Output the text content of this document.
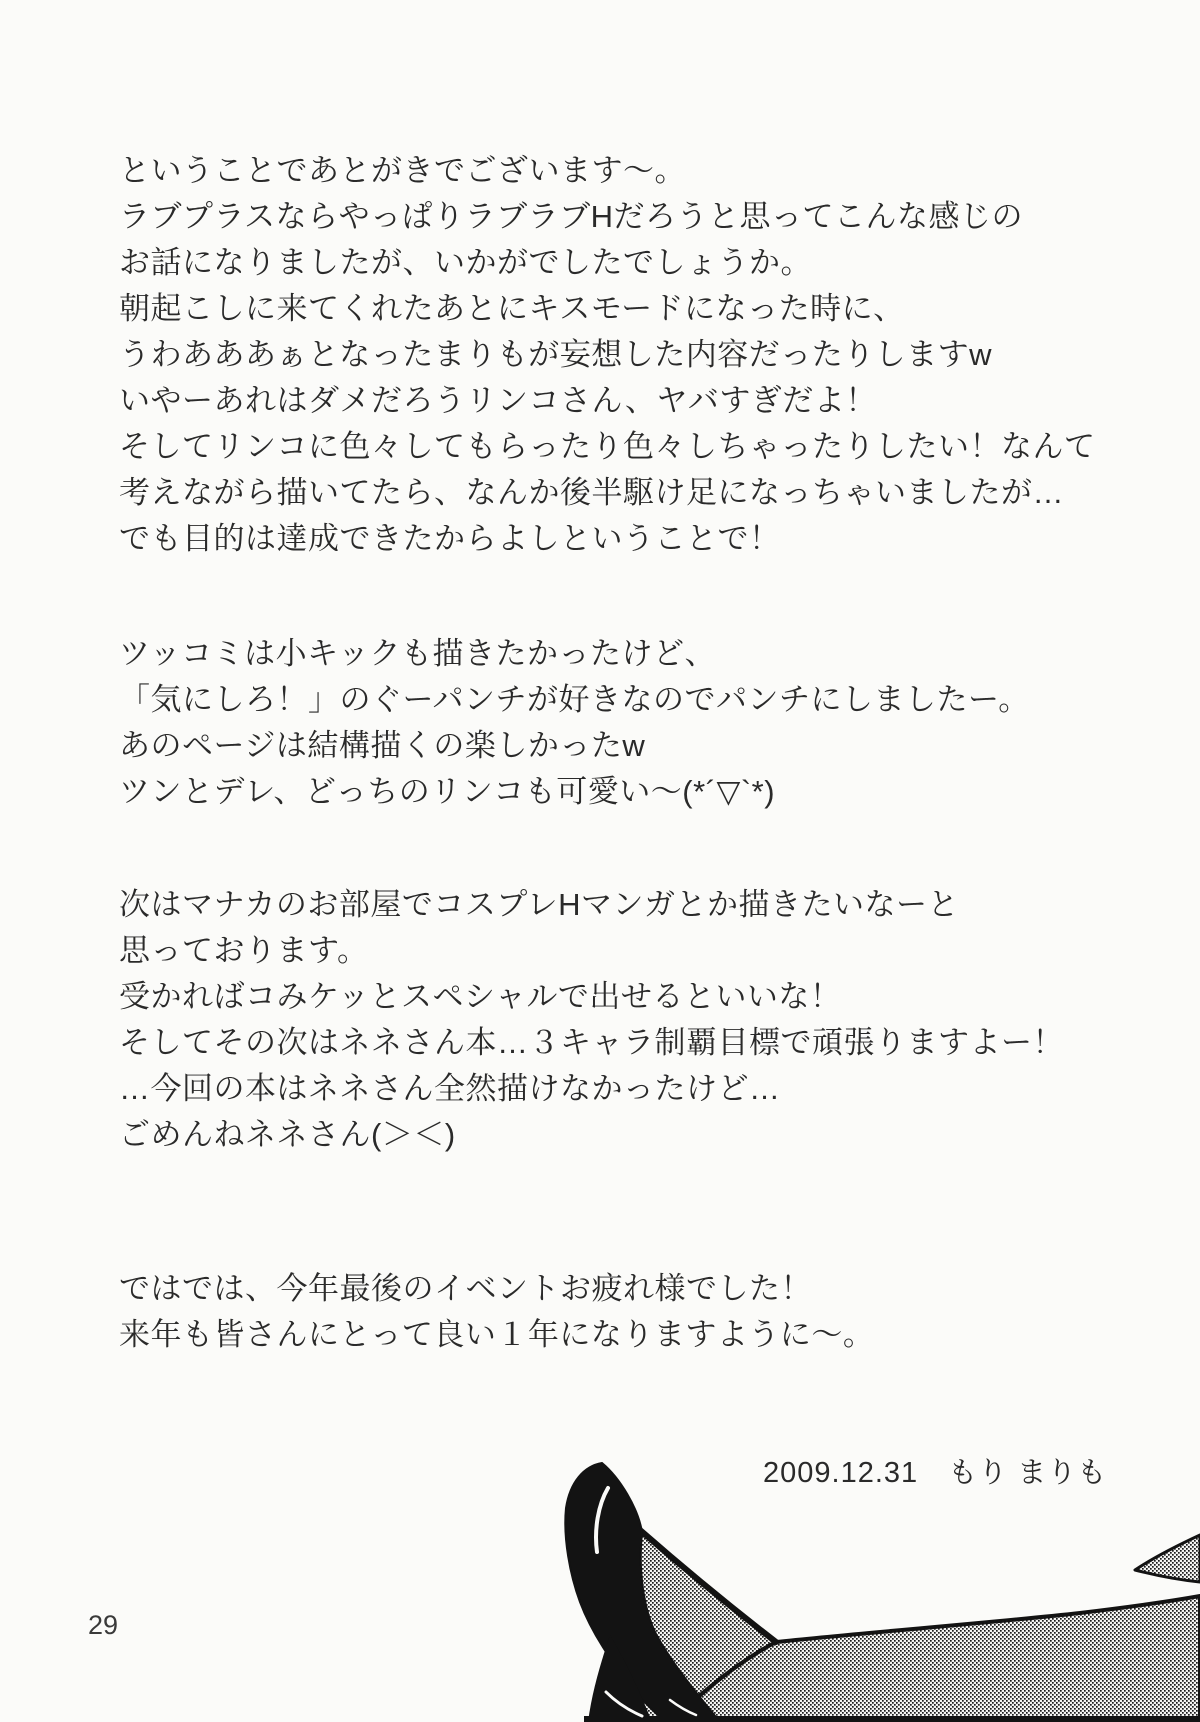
ということであとがきでございます～。
ラブプラスならやっぱりラブラブHだろうと思ってこんな感じの
お話になりましたが、いかがでしたでしょうか。
朝起こしに来てくれたあとにキスモードになった時に、
うわあああぁとなったまりもが妄想した内容だったりしますw
いやーあれはダメだろうリンコさん、ヤバすぎだよ！
そしてリンコに色々してもらったり色々しちゃったりしたい！なんて
考えながら描いてたら、なんか後半駆け足になっちゃいましたが…
でも目的は達成できたからよしということで！
ツッコミは小キックも描きたかったけど、
「気にしろ！」のぐーパンチが好きなのでパンチにしましたー。
あのページは結構描くの楽しかったw
ツンとデレ、どっちのリンコも可愛い～(*´▽`*)
次はマナカのお部屋でコスプレHマンガとか描きたいなーと
思っております。
受かればコみケッとスペシャルで出せるといいな！
そしてその次はネネさん本…３キャラ制覇目標で頑張りますよー！
…今回の本はネネさん全然描けなかったけど…
ごめんねネネさん(＞＜)
ではでは、今年最後のイベントお疲れ様でした！
来年も皆さんにとって良い１年になりますように～。
2009.12.31　もり まりも
29
